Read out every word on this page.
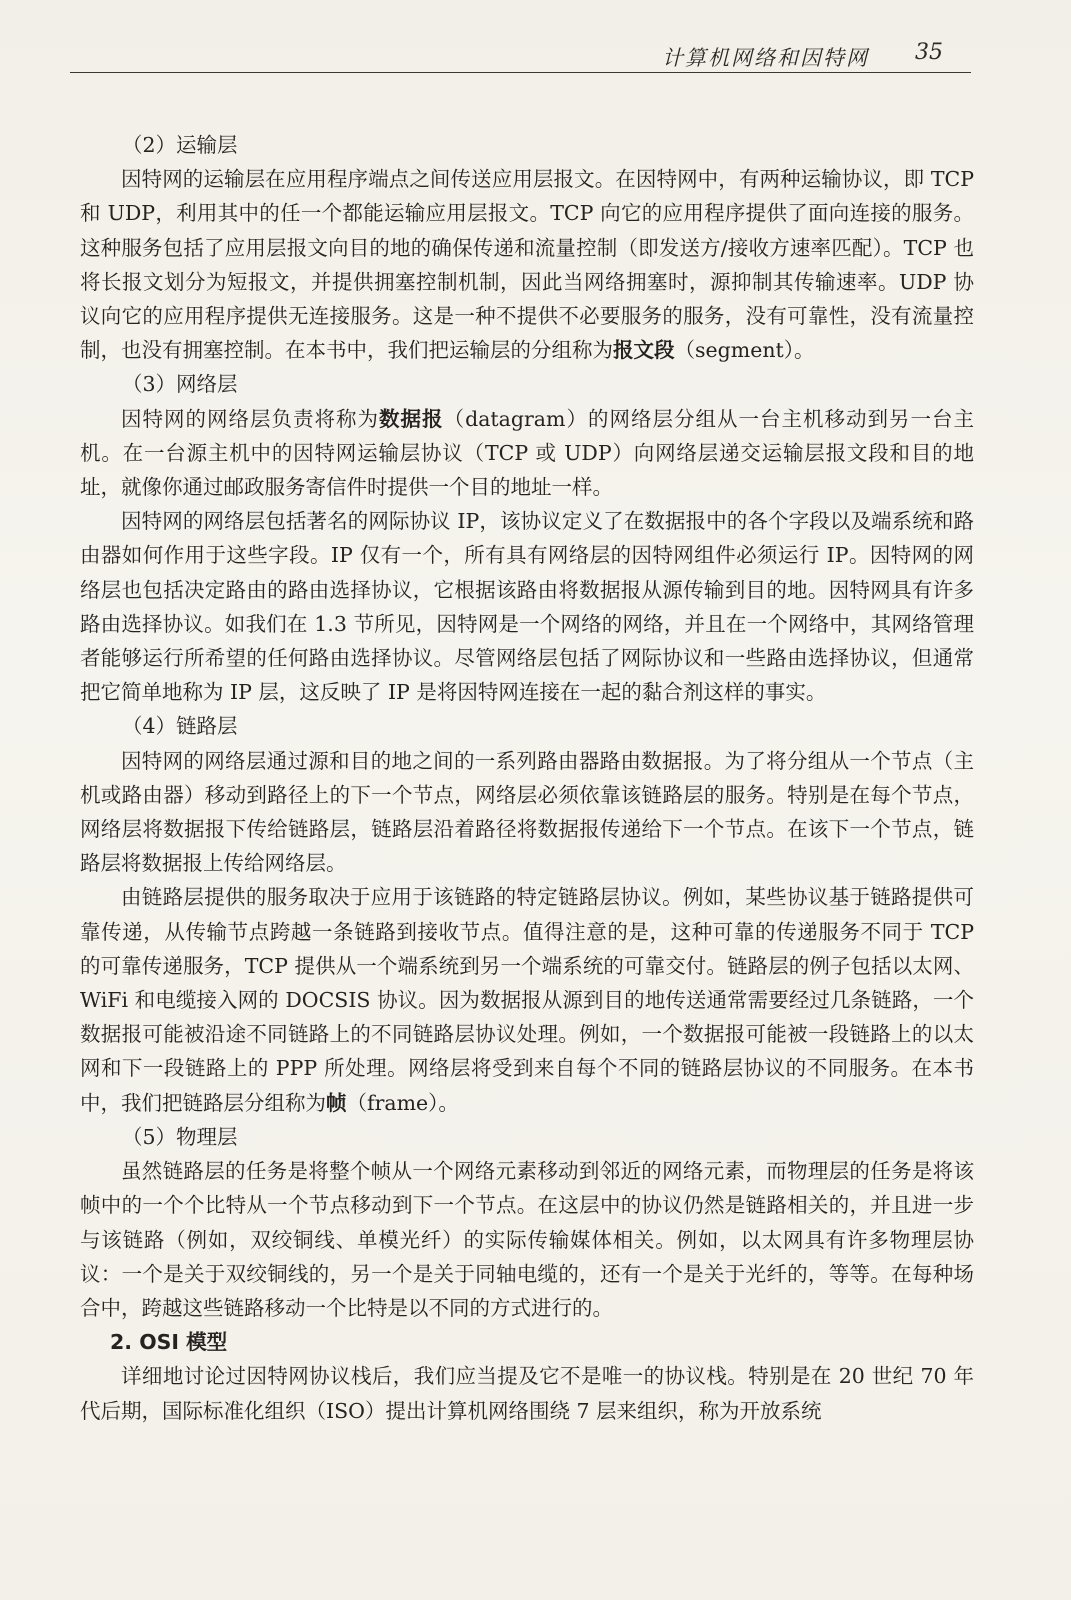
计算机网络和因特网 35
（2）运输层

因特网的运输层在应用程序端点之间传送应用层报文。在因特网中，有两种运输协议，即 TCP 和 UDP，利用其中的任一个都能运输应用层报文。TCP 向它的应用程序提供了面向连接的服务。这种服务包括了应用层报文向目的地的确保传递和流量控制（即发送方/接收方速率匹配）。TCP 也将长报文划分为短报文，并提供拥塞控制机制，因此当网络拥塞时，源抑制其传输速率。UDP 协议向它的应用程序提供无连接服务。这是一种不提供不必要服务的服务，没有可靠性，没有流量控制，也没有拥塞控制。在本书中，我们把运输层的分组称为报文段（segment）。

（3）网络层

因特网的网络层负责将称为数据报（datagram）的网络层分组从一台主机移动到另一台主机。在一台源主机中的因特网运输层协议（TCP 或 UDP）向网络层递交运输层报文段和目的地址，就像你通过邮政服务寄信件时提供一个目的地址一样。

因特网的网络层包括著名的网际协议 IP，该协议定义了在数据报中的各个字段以及端系统和路由器如何作用于这些字段。IP 仅有一个，所有具有网络层的因特网组件必须运行 IP。因特网的网络层也包括决定路由的路由选择协议，它根据该路由将数据报从源传输到目的地。因特网具有许多路由选择协议。如我们在 1.3 节所见，因特网是一个网络的网络，并且在一个网络中，其网络管理者能够运行所希望的任何路由选择协议。尽管网络层包括了网际协议和一些路由选择协议，但通常把它简单地称为 IP 层，这反映了 IP 是将因特网连接在一起的黏合剂这样的事实。

（4）链路层

因特网的网络层通过源和目的地之间的一系列路由器路由数据报。为了将分组从一个节点（主机或路由器）移动到路径上的下一个节点，网络层必须依靠该链路层的服务。特别是在每个节点，网络层将数据报下传给链路层，链路层沿着路径将数据报传递给下一个节点。在该下一个节点，链路层将数据报上传给网络层。

由链路层提供的服务取决于应用于该链路的特定链路层协议。例如，某些协议基于链路提供可靠传递，从传输节点跨越一条链路到接收节点。值得注意的是，这种可靠的传递服务不同于 TCP 的可靠传递服务，TCP 提供从一个端系统到另一个端系统的可靠交付。链路层的例子包括以太网、WiFi 和电缆接入网的 DOCSIS 协议。因为数据报从源到目的地传送通常需要经过几条链路，一个数据报可能被沿途不同链路上的不同链路层协议处理。例如，一个数据报可能被一段链路上的以太网和下一段链路上的 PPP 所处理。网络层将受到来自每个不同的链路层协议的不同服务。在本书中，我们把链路层分组称为帧（frame）。

（5）物理层

虽然链路层的任务是将整个帧从一个网络元素移动到邻近的网络元素，而物理层的任务是将该帧中的一个个比特从一个节点移动到下一个节点。在这层中的协议仍然是链路相关的，并且进一步与该链路（例如，双绞铜线、单模光纤）的实际传输媒体相关。例如，以太网具有许多物理层协议：一个是关于双绞铜线的，另一个是关于同轴电缆的，还有一个是关于光纤的，等等。在每种场合中，跨越这些链路移动一个比特是以不同的方式进行的。

2. OSI 模型

详细地讨论过因特网协议栈后，我们应当提及它不是唯一的协议栈。特别是在 20 世纪 70 年代后期，国际标准化组织（ISO）提出计算机网络围绕 7 层来组织，称为开放系统
